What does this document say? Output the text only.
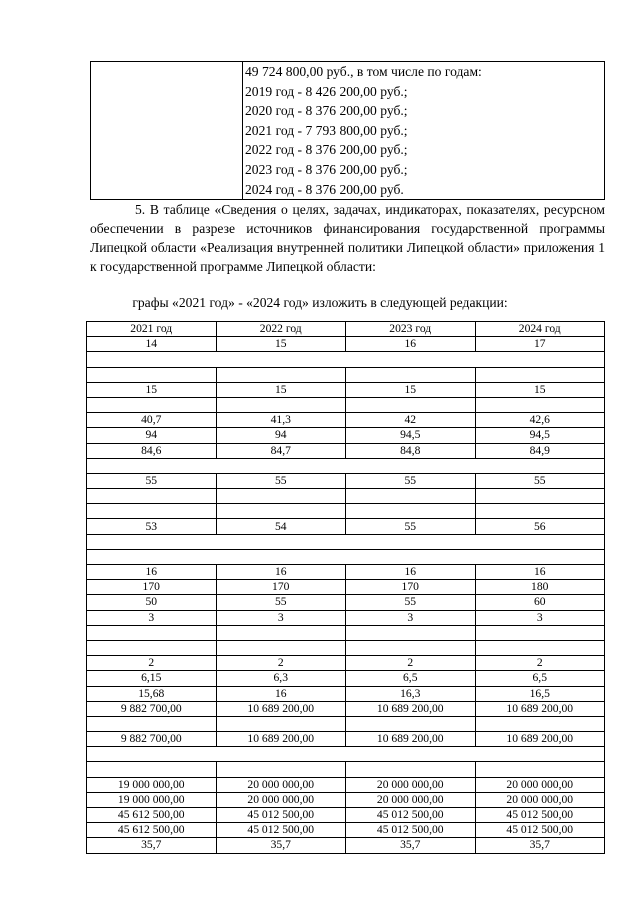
49 724 800,00 руб., в том числе по годам:
2019 год - 8 426 200,00 руб.;
2020 год - 8 376 200,00 руб.;
2021 год - 7 793 800,00 руб.;
2022 год - 8 376 200,00 руб.;
2023 год - 8 376 200,00 руб.;
2024 год - 8 376 200,00 руб.
5. В таблице «Сведения о целях, задачах, индикаторах, показателях, ресурсном обеспечении в разрезе источников финансирования государственной программы Липецкой области «Реализация внутренней политики Липецкой области» приложения 1 к государственной программе Липецкой области:
графы «2021 год» - «2024 год» изложить в следующей редакции:
2021 год	2022 год	2023 год	2024 год
14	15	16	17

15	15	15	15

40,7	41,3	42	42,6
94	94	94,5	94,5
84,6	84,7	84,8	84,9

55	55	55	55

53	54	55	56

16	16	16	16
170	170	170	180
50	55	55	60
3	3	3	3

2	2	2	2
6,15	6,3	6,5	6,5
15,68	16	16,3	16,5
9 882 700,00	10 689 200,00	10 689 200,00	10 689 200,00

9 882 700,00	10 689 200,00	10 689 200,00	10 689 200,00

19 000 000,00	20 000 000,00	20 000 000,00	20 000 000,00
19 000 000,00	20 000 000,00	20 000 000,00	20 000 000,00
45 612 500,00	45 012 500,00	45 012 500,00	45 012 500,00
45 612 500,00	45 012 500,00	45 012 500,00	45 012 500,00
35,7	35,7	35,7	35,7
